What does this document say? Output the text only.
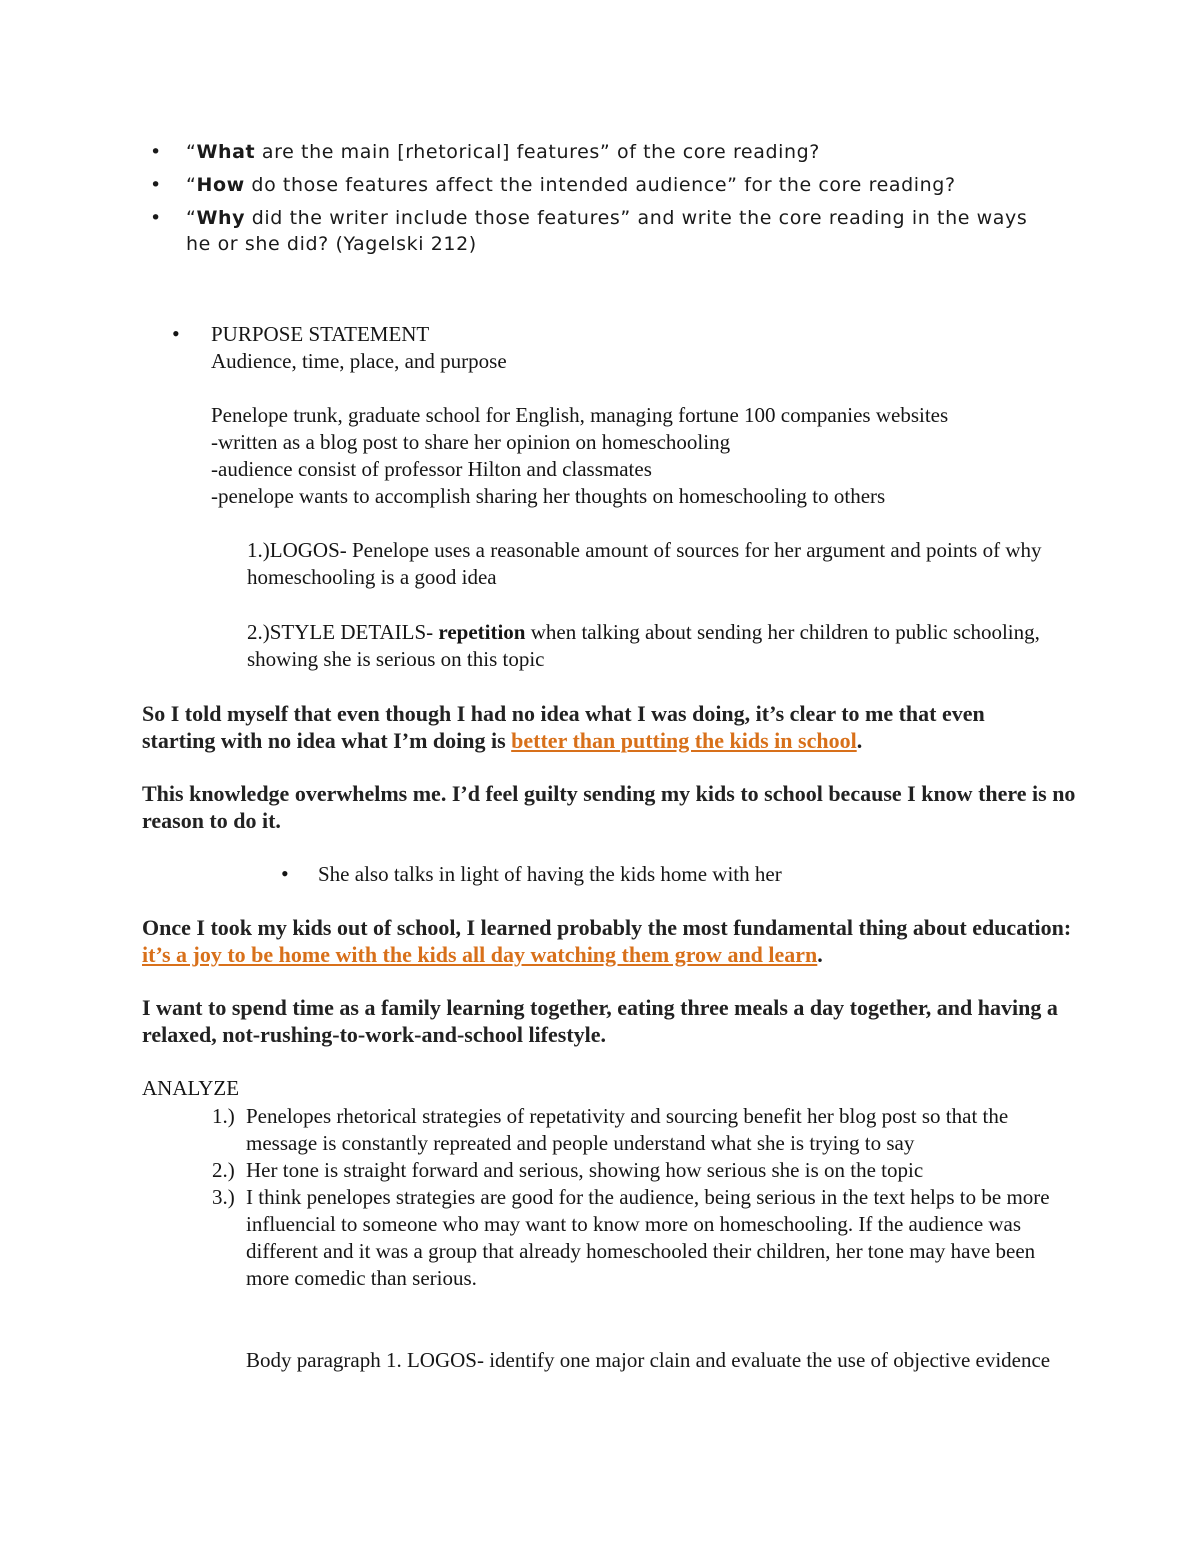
• “What are the main [rhetorical] features” of the core reading?
• “How do those features affect the intended audience” for the core reading?
• “Why did the writer include those features” and write the core reading in the ways he or she did? (Yagelski 212)
• PURPOSE STATEMENT
Audience, time, place, and purpose
Penelope trunk, graduate school for English, managing fortune 100 companies websites
-written as a blog post to share her opinion on homeschooling
-audience consist of professor Hilton and classmates
-penelope wants to accomplish sharing her thoughts on homeschooling to others
1.)LOGOS- Penelope uses a reasonable amount of sources for her argument and points of why homeschooling is a good idea
2.)STYLE DETAILS- repetition when talking about sending her children to public schooling, showing she is serious on this topic

So I told myself that even though I had no idea what I was doing, it’s clear to me that even starting with no idea what I’m doing is better than putting the kids in school.

This knowledge overwhelms me. I’d feel guilty sending my kids to school because I know there is no reason to do it.

• She also talks in light of having the kids home with her

Once I took my kids out of school, I learned probably the most fundamental thing about education: it’s a joy to be home with the kids all day watching them grow and learn.

I want to spend time as a family learning together, eating three meals a day together, and having a relaxed, not-rushing-to-work-and-school lifestyle.

ANALYZE
1.) Penelopes rhetorical strategies of repetativity and sourcing benefit her blog post so that the message is constantly repreated and people understand what she is trying to say
2.) Her tone is straight forward and serious, showing how serious she is on the topic
3.) I think penelopes strategies are good for the audience, being serious in the text helps to be more influencial to someone who may want to know more on homeschooling. If the audience was different and it was a group that already homeschooled their children, her tone may have been more comedic than serious.
Body paragraph 1. LOGOS- identify one major clain and evaluate the use of objective evidence
